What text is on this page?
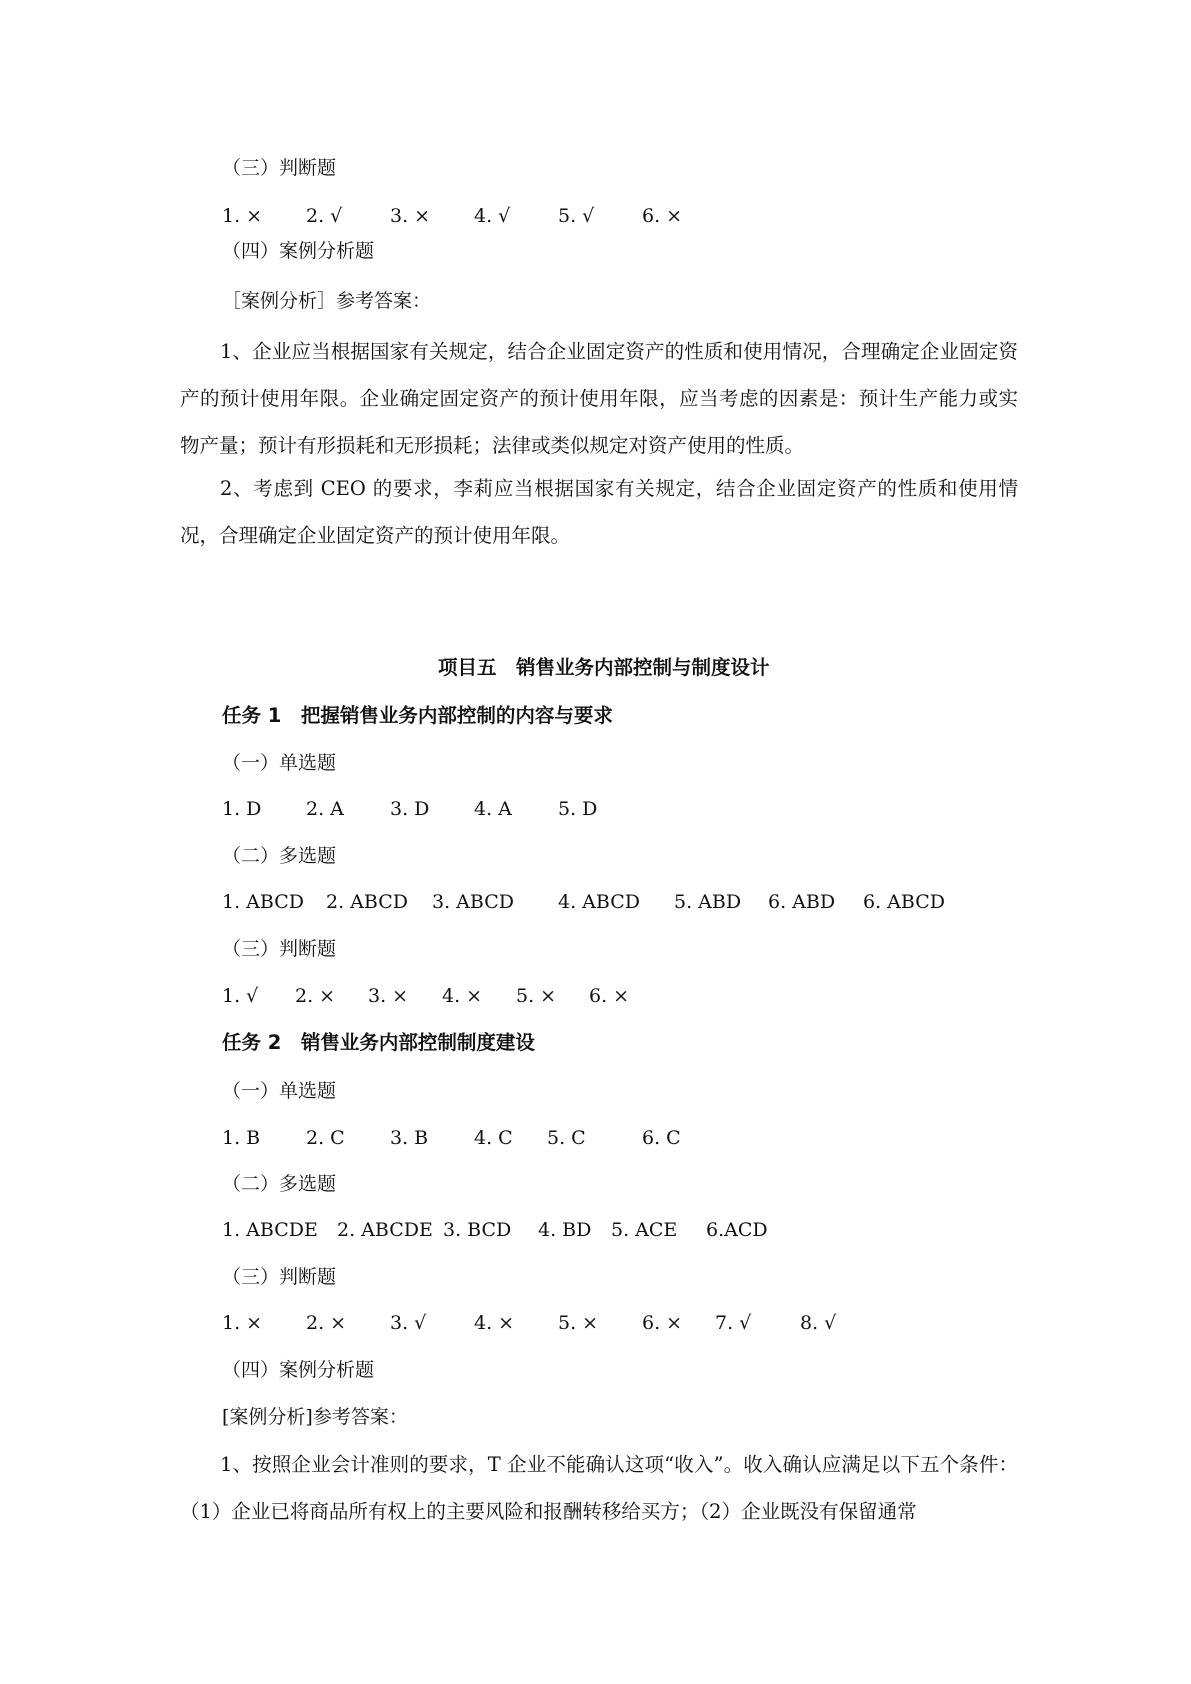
（三）判断题
1. × 2. √	3. × 4. √	5. √	6. ×
（四）案例分析题
［案例分析］参考答案：
1、企业应当根据国家有关规定，结合企业固定资产的性质和使用情况，合理确定企业固定资产的预计使用年限。企业确定固定资产的预计使用年限，应当考虑的因素是：预计生产能力或实物产量；预计有形损耗和无形损耗；法律或类似规定对资产使用的性质。
2、考虑到 CEO 的要求，李莉应当根据国家有关规定，结合企业固定资产的性质和使用情况，合理确定企业固定资产的预计使用年限。
项目五　销售业务内部控制与制度设计
任务 1　把握销售业务内部控制的内容与要求
（一）单选题
1. D 2. A 3. D 4. A 5. D
（二）多选题
1. ABCD 2. ABCD 3. ABCD 4. ABCD 5. ABD 6. ABD 6. ABCD
（三）判断题
1. √ 2. × 3. × 4. × 5. × 6. ×
任务 2　销售业务内部控制制度建设
（一）单选题
1. B 2. C 3. B 4. C 5. C	6. C
（二）多选题
1. ABCDE 2. ABCDE 3. BCD 4. BD 5. ACE 6.ACD
（三）判断题
1. × 2. × 3. √	4. × 5. × 6. × 7. √	8. √
（四）案例分析题
[案例分析]参考答案：
1、按照企业会计准则的要求，T 企业不能确认这项“收入”。收入确认应满足以下五个条件：（1）企业已将商品所有权上的主要风险和报酬转移给买方；（2）企业既没有保留通常
